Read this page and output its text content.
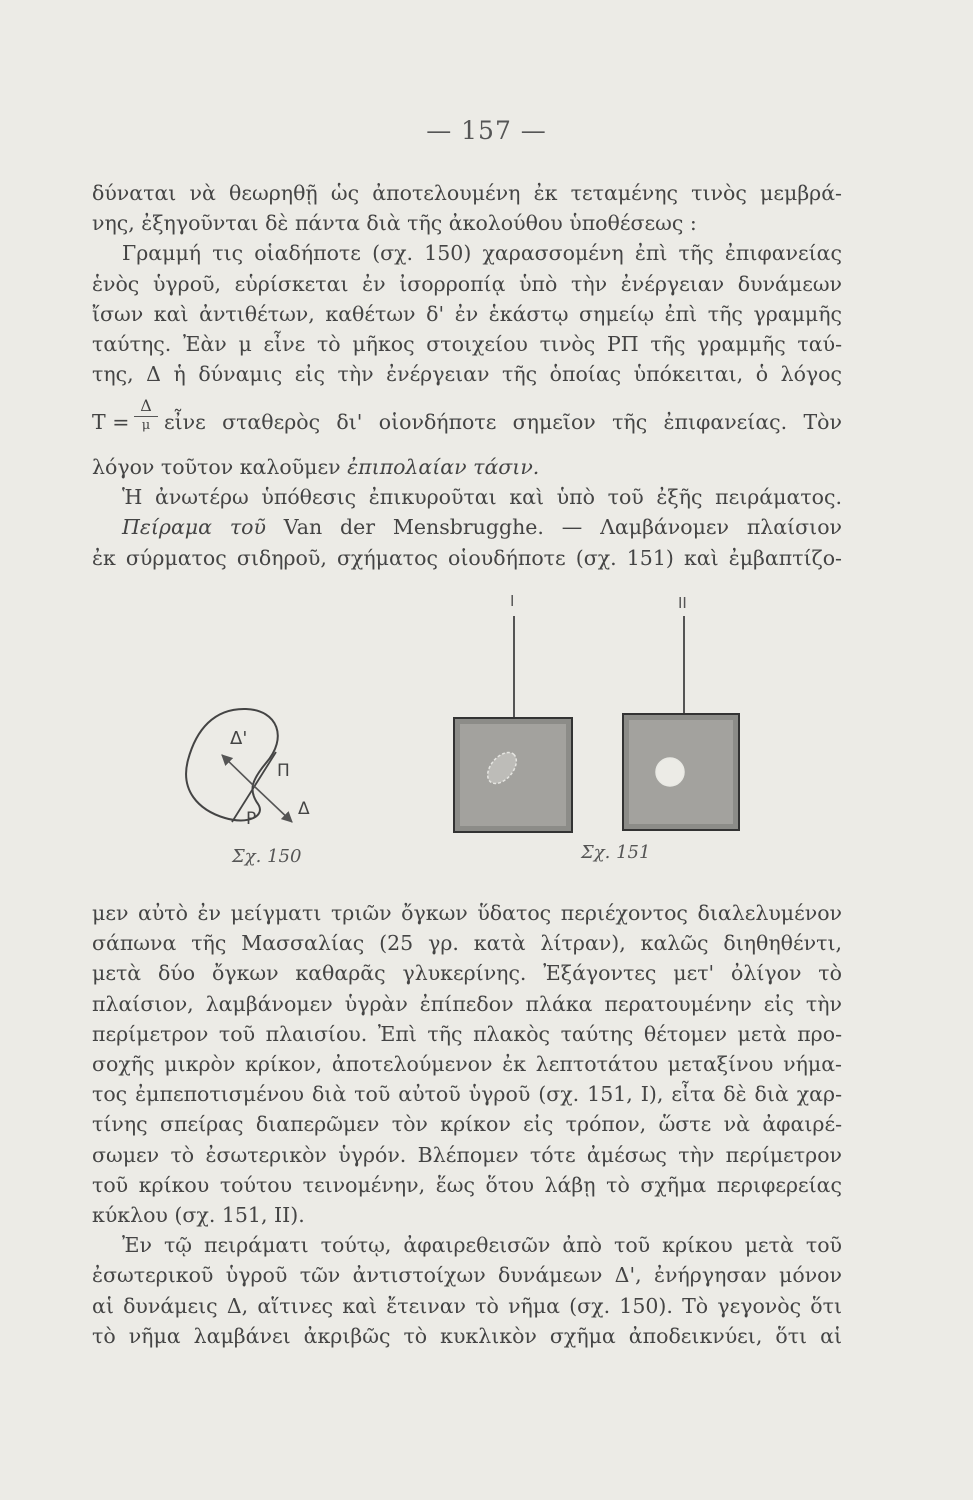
— 157 —
δύναται νὰ θεωρηθῇ ὡς ἀποτελουμένη ἐκ τεταμένης τινὸς μεμβρά-
νης, ἐξηγοῦνται δὲ πάντα διὰ τῆς ἀκολούθου ὑποθέσεως :
Γραμμή τις οἱαδήποτε (σχ. 150) χαρασσομένη ἐπὶ τῆς ἐπιφανείας
ἑνὸς ὑγροῦ, εὑρίσκεται ἐν ἰσορροπίᾳ ὑπὸ τὴν ἐνέργειαν δυνάμεων
ἴσων καὶ ἀντιθέτων, καθέτων δ' ἐν ἑκάστῳ σημείῳ ἐπὶ τῆς γραμμῆς
ταύτης. Ἐὰν μ εἶνε τὸ μῆκος στοιχείου τινὸς ΡΠ τῆς γραμμῆς ταύ-
της, Δ ἡ δύναμις εἰς τὴν ἐνέργειαν τῆς ὁποίας ὑπόκειται, ὁ λόγος
Τ =
Δ
μ εἶνε σταθερὸς δι' οἱονδήποτε σημεῖον τῆς ἐπιφανείας. Τὸν
λόγον τοῦτον καλοῦμεν ἐπιπολαίαν τάσιν.
Ἡ ἀνωτέρω ὑπόθεσις ἐπικυροῦται καὶ ὑπὸ τοῦ ἐξῆς πειράματος.
Πείραμα τοῦ Van der Mensbrugghe. — Λαμβάνομεν πλαίσιον
ἐκ σύρματος σιδηροῦ, σχήματος οἱουδήποτε (σχ. 151) καὶ ἐμβαπτίζο-
Δ'
Π
Ρ Δ
I	II
Σχ. 150	Σχ. 151
μεν αὐτὸ ἐν μείγματι τριῶν ὄγκων ὕδατος περιέχοντος διαλελυμένον
σάπωνα τῆς Μασσαλίας (25 γρ. κατὰ λίτραν), καλῶς διηθηθέντι,
μετὰ δύο ὄγκων καθαρᾶς γλυκερίνης. Ἐξάγοντες μετ' ὀλίγον τὸ
πλαίσιον, λαμβάνομεν ὑγρὰν ἐπίπεδον πλάκα περατουμένην εἰς τὴν
περίμετρον τοῦ πλαισίου. Ἐπὶ τῆς πλακὸς ταύτης θέτομεν μετὰ προ-
σοχῆς μικρὸν κρίκον, ἀποτελούμενον ἐκ λεπτοτάτου μεταξίνου νήμα-
τος ἐμπεποτισμένου διὰ τοῦ αὐτοῦ ὑγροῦ (σχ. 151, I), εἶτα δὲ διὰ χαρ-
τίνης σπείρας διαπερῶμεν τὸν κρίκον εἰς τρόπον, ὥστε νὰ ἀφαιρέ-
σωμεν τὸ ἐσωτερικὸν ὑγρόν. Βλέπομεν τότε ἀμέσως τὴν περίμετρον
τοῦ κρίκου τούτου τεινομένην, ἕως ὅτου λάβῃ τὸ σχῆμα περιφερείας
κύκλου (σχ. 151, II).
Ἐν τῷ πειράματι τούτῳ, ἀφαιρεθεισῶν ἀπὸ τοῦ κρίκου μετὰ τοῦ
ἐσωτερικοῦ ὑγροῦ τῶν ἀντιστοίχων δυνάμεων Δ', ἐνήργησαν μόνον
αἱ δυνάμεις Δ, αἵτινες καὶ ἔτειναν τὸ νῆμα (σχ. 150). Τὸ γεγονὸς ὅτι
τὸ νῆμα λαμβάνει ἀκριβῶς τὸ κυκλικὸν σχῆμα ἀποδεικνύει, ὅτι αἱ
